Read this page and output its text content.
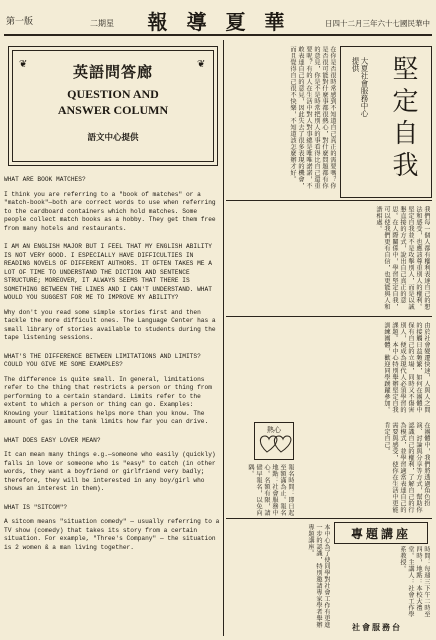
第一版	二期星 報 導 夏 華	日四十二月三年六十七國民華中
❦	❦
英語問答廊
QUESTION AND
ANSWER COLUMN
語文中心提供

WHAT ARE BOOK MATCHES?

I think you are referring to a "book of matches" or a "match-book"—both are correct words to use when referring to the cardboard containers which hold matches. Some people collect match books as a hobby. They get them free from many hotels and restaurants.

I AM AN ENGLISH MAJOR BUT I FEEL THAT MY ENGLISH ABILITY IS NOT VERY GOOD. I ESPECIALLY HAVE DIFFICULTIES IN READING NOVELS OF DIFFERENT AUTHORS. IT OFTEN TAKES ME A LOT OF TIME TO UNDERSTAND THE DICTION AND SENTENCE STRUCTURE; MOREOVER, IT ALWAYS SEEMS THAT THERE IS SOMETHING BETWEEN THE LINES AND I CAN'T UNDERSTAND. WHAT WOULD YOU SUGGEST FOR ME TO IMPROVE MY ABILITY?

Why don't you read some simple stories first and then tackle the more difficult ones. The Language Center has a small library of stories available to students during the tape listening sessions.

WHAT'S THE DIFFERENCE BETWEEN LIMITATIONS AND LIMITS? COULD YOU GIVE ME SOME EXAMPLES?

The difference is quite small. In general, limitations refer to the thing that restricts a person or thing from performing to a certain standard. Limits refer to the extent to which a person or thing can go. Examples: Knowing your limitations helps more than you know. The amount of gas in the tank limits how far you can drive.

WHAT DOES EASY LOVER MEAN?

It can mean many things e.g.—someone who easily (quickly) falls in love or someone who is "easy" to catch (in other words, they want a boyfriend or girlfriend very badly; therefore, they will be interested in any boy/girl who shows an interest in them).

WHAT IS "SITCOM"?

A sitcom means "situation comedy" — usually referring to a TV show (comedy) that takes its story from a certain situation. For example, "Three's Company" — the situation is 2 women & a man living together.

堅定自我
大夏社會服務中心
提供
在你是否很時常感到不知道自己真正的需要嗎？你是否很可能對什麼事都很熱心，對什麼問題都有你的意見，你是不是時常把別人的事看得比自己還重要呢？有的人在生活中對人對事總是唯唯諾諾，不敢表達自己的意見，因此失去了很多表現的機會，而且覺得自己很不快樂，不知道該怎麼辦才好。
我們每一個人都有權利表達自己的想法和感受，也應該尊重別人的權利。堅定自我並不是攻擊別人，而是以誠懇直接的方式，說出自己真正的意思。在人際關係中，學習堅定自我，可以使我們更有自信，也更能與人和諧相處。
由於社會變遷快速，人與人之間的接觸日益頻繁，如何在團體中保有自己的立場，同時又不傷害別人，便成為現代人必須學習的課題。本中心特別舉辦堅定自我訓練團體，歡迎同學踴躍參加。
熱心	在團體中，我們將透過角色扮演、討論與分享等方式，幫助你認識自己的權利，了解自己的行為模式，並學習適當表達自己的需要與感受，使你在生活中更能肯定自己。
報名時間：即日起至額滿為止。報名地點：社會服務中心。名額有限，請儘早報名，以免向隅。
專題講座
本中心為了使同學對社會工作有更進一步的認識，特別邀請專家學者舉辦專題講座。
時間：每週三下午二時至四時，地點：本校大禮堂。主講人：社會工作學系教授。
社會服務台
